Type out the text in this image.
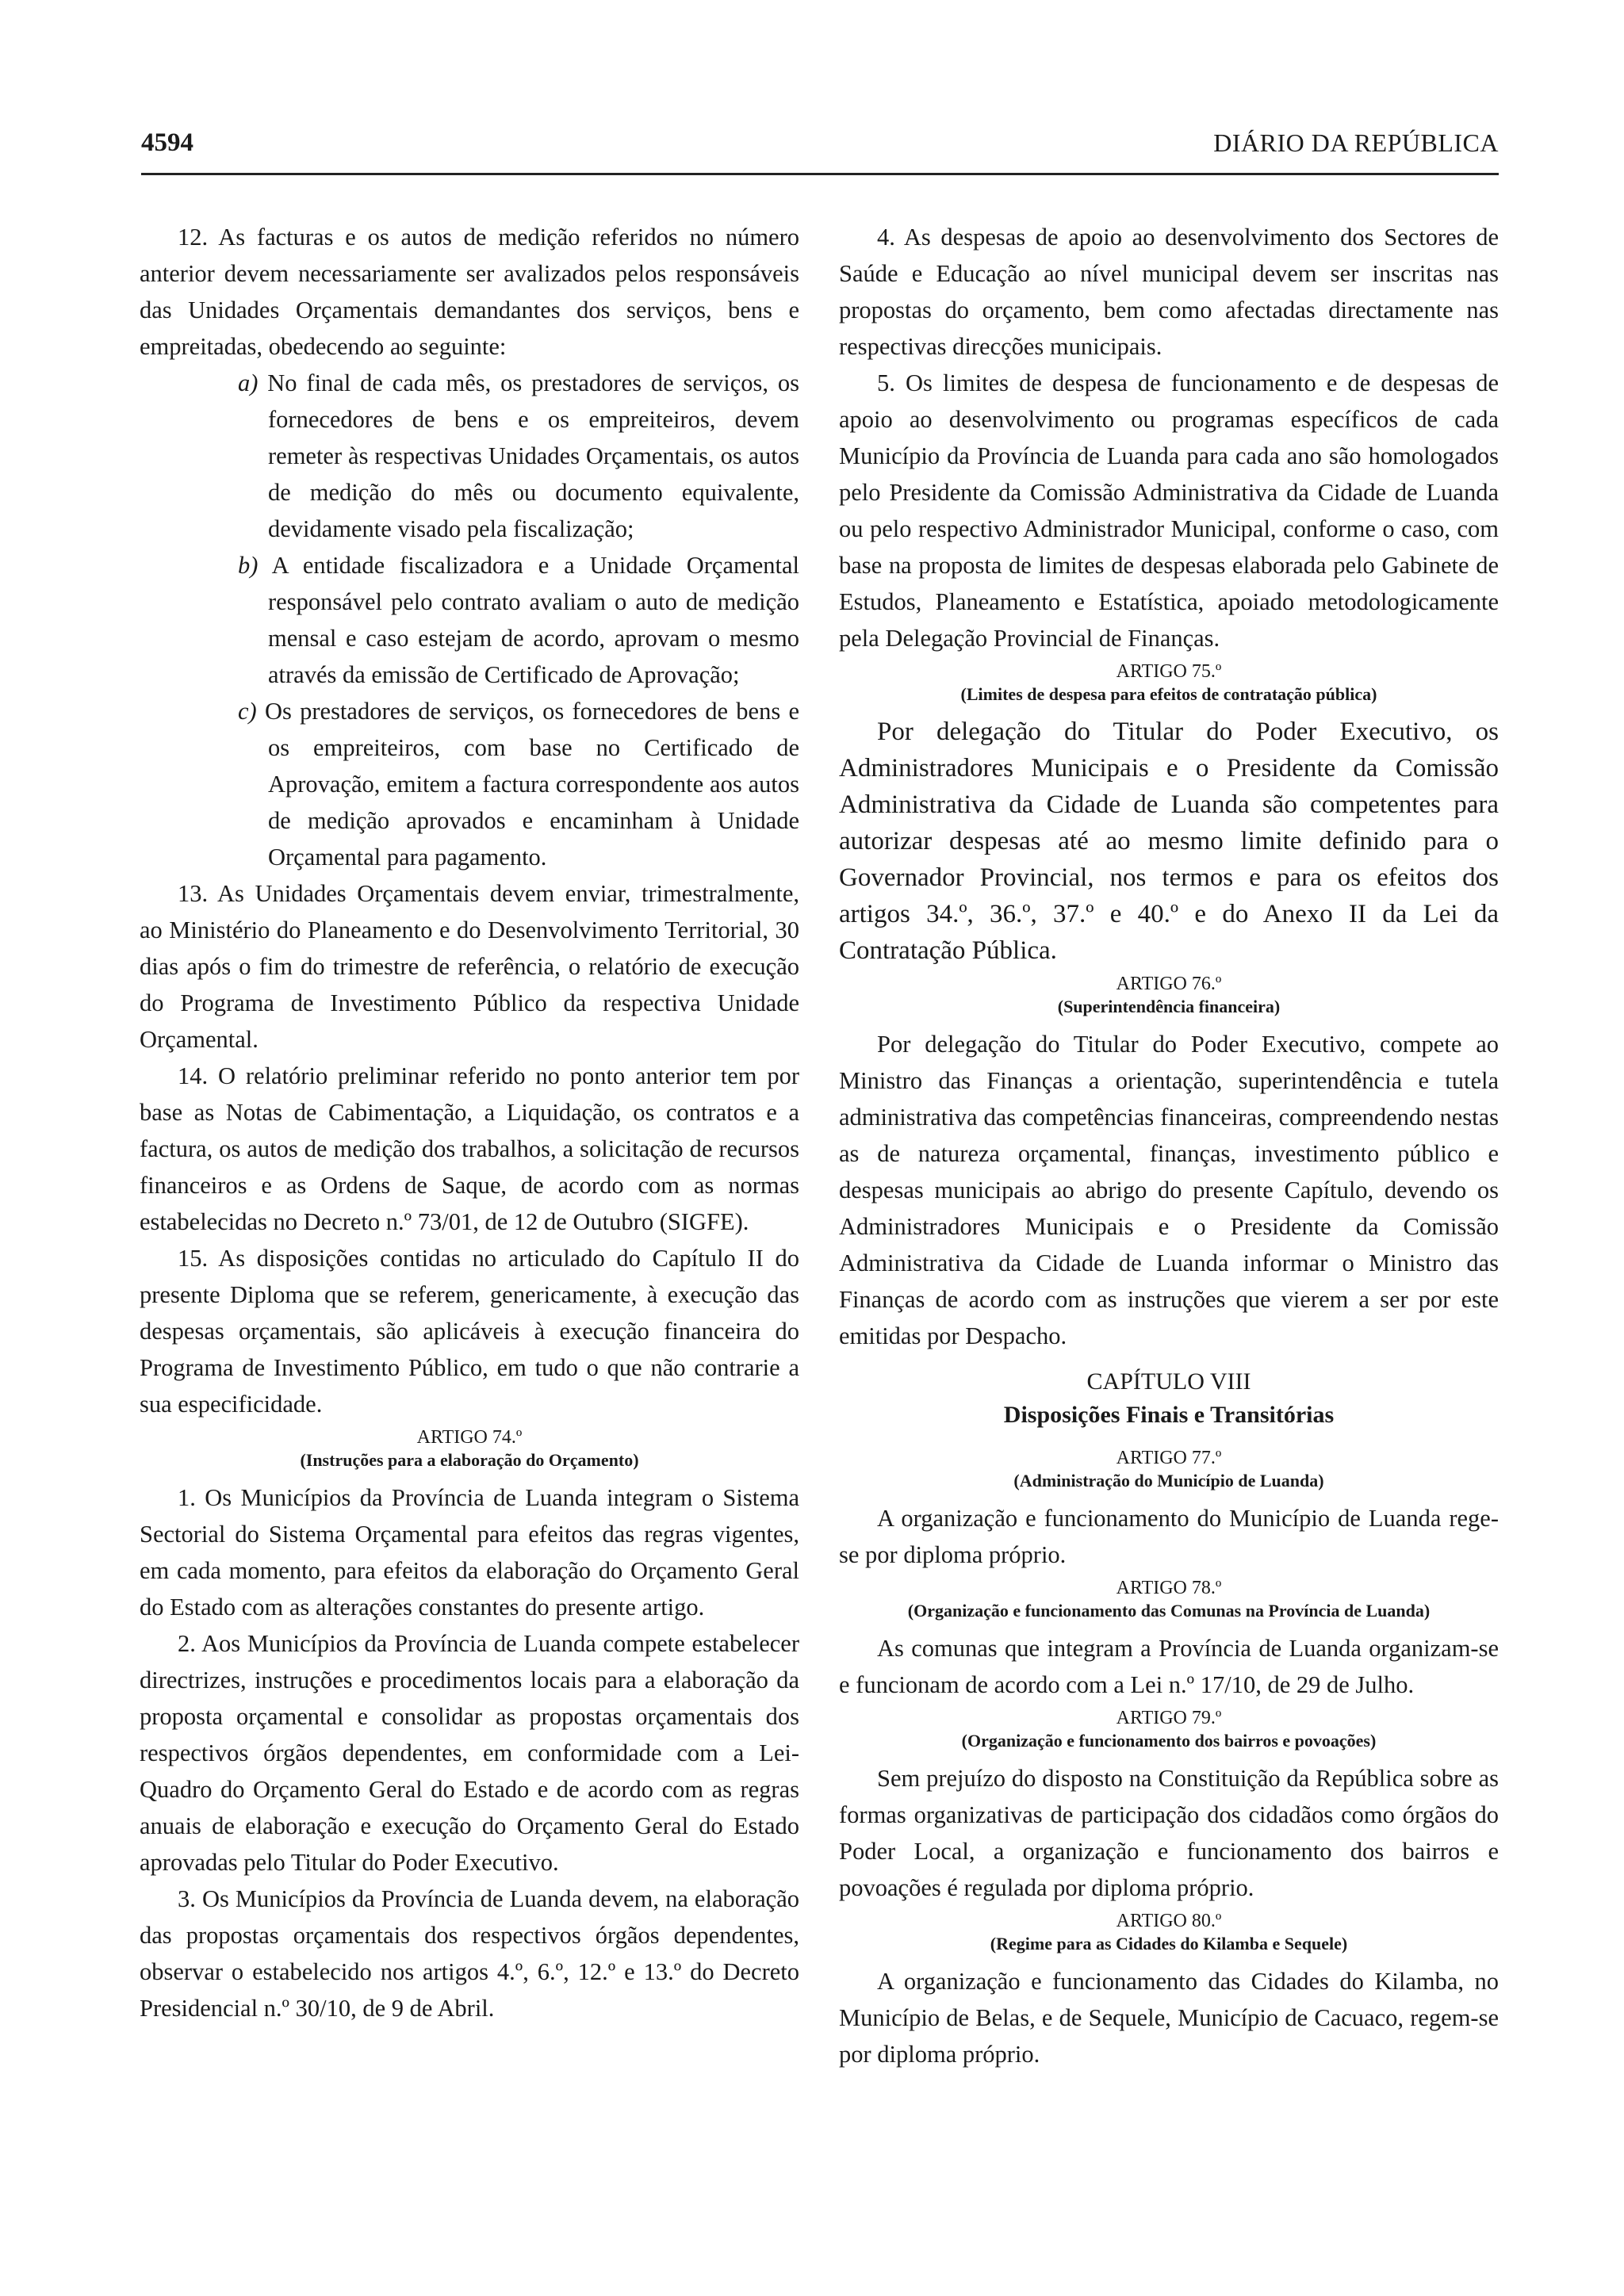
4594	DIÁRIO DA REPÚBLICA

12. As facturas e os autos de medição referidos no número anterior devem necessariamente ser avalizados pelos responsáveis das Unidades Orçamentais demandantes dos serviços, bens e empreitadas, obedecendo ao seguinte:

a) No final de cada mês, os prestadores de serviços, os fornecedores de bens e os empreiteiros, devem remeter às respectivas Unidades Orçamentais, os autos de medição do mês ou documento equivalente, devidamente visado pela fiscalização;

b) A entidade fiscalizadora e a Unidade Orçamental responsável pelo contrato avaliam o auto de medição mensal e caso estejam de acordo, aprovam o mesmo através da emissão de Certificado de Aprovação;

c) Os prestadores de serviços, os fornecedores de bens e os empreiteiros, com base no Certificado de Aprovação, emitem a factura correspondente aos autos de medição aprovados e encaminham à Unidade Orçamental para pagamento.

13. As Unidades Orçamentais devem enviar, trimestralmente, ao Ministério do Planeamento e do Desenvolvimento Territorial, 30 dias após o fim do trimestre de referência, o relatório de execução do Programa de Investimento Público da respectiva Unidade Orçamental.

14. O relatório preliminar referido no ponto anterior tem por base as Notas de Cabimentação, a Liquidação, os contratos e a factura, os autos de medição dos trabalhos, a solicitação de recursos financeiros e as Ordens de Saque, de acordo com as normas estabelecidas no Decreto n.º 73/01, de 12 de Outubro (SIGFE).

15. As disposições contidas no articulado do Capítulo II do presente Diploma que se referem, genericamente, à execução das despesas orçamentais, são aplicáveis à execução financeira do Programa de Investimento Público, em tudo o que não contrarie a sua especificidade.

ARTIGO 74.º
(Instruções para a elaboração do Orçamento)

1. Os Municípios da Província de Luanda integram o Sistema Sectorial do Sistema Orçamental para efeitos das regras vigentes, em cada momento, para efeitos da elaboração do Orçamento Geral do Estado com as alterações constantes do presente artigo.

2. Aos Municípios da Província de Luanda compete estabelecer directrizes, instruções e procedimentos locais para a elaboração da proposta orçamental e consolidar as propostas orçamentais dos respectivos órgãos dependentes, em conformidade com a Lei-Quadro do Orçamento Geral do Estado e de acordo com as regras anuais de elaboração e execução do Orçamento Geral do Estado aprovadas pelo Titular do Poder Executivo.

3. Os Municípios da Província de Luanda devem, na elaboração das propostas orçamentais dos respectivos órgãos dependentes, observar o estabelecido nos artigos 4.º, 6.º, 12.º e 13.º do Decreto Presidencial n.º 30/10, de 9 de Abril.

4. As despesas de apoio ao desenvolvimento dos Sectores de Saúde e Educação ao nível municipal devem ser inscritas nas propostas do orçamento, bem como afectadas directamente nas respectivas direcções municipais.

5. Os limites de despesa de funcionamento e de despesas de apoio ao desenvolvimento ou programas específicos de cada Município da Província de Luanda para cada ano são homologados pelo Presidente da Comissão Administrativa da Cidade de Luanda ou pelo respectivo Administrador Municipal, conforme o caso, com base na proposta de limites de despesas elaborada pelo Gabinete de Estudos, Planeamento e Estatística, apoiado metodologicamente pela Delegação Provincial de Finanças.

ARTIGO 75.º
(Limites de despesa para efeitos de contratação pública)

Por delegação do Titular do Poder Executivo, os Administradores Municipais e o Presidente da Comissão Administrativa da Cidade de Luanda são competentes para autorizar despesas até ao mesmo limite definido para o Governador Provincial, nos termos e para os efeitos dos artigos 34.º, 36.º, 37.º e 40.º e do Anexo II da Lei da Contratação Pública.

ARTIGO 76.º
(Superintendência financeira)

Por delegação do Titular do Poder Executivo, compete ao Ministro das Finanças a orientação, superintendência e tutela administrativa das competências financeiras, compreendendo nestas as de natureza orçamental, finanças, investimento público e despesas municipais ao abrigo do presente Capítulo, devendo os Administradores Municipais e o Presidente da Comissão Administrativa da Cidade de Luanda informar o Ministro das Finanças de acordo com as instruções que vierem a ser por este emitidas por Despacho.

CAPÍTULO VIII
Disposições Finais e Transitórias
ARTIGO 77.º
(Administração do Município de Luanda)

A organização e funcionamento do Município de Luanda rege-se por diploma próprio.

ARTIGO 78.º
(Organização e funcionamento das Comunas na Província de Luanda)

As comunas que integram a Província de Luanda organizam-se e funcionam de acordo com a Lei n.º 17/10, de 29 de Julho.

ARTIGO 79.º
(Organização e funcionamento dos bairros e povoações)

Sem prejuízo do disposto na Constituição da República sobre as formas organizativas de participação dos cidadãos como órgãos do Poder Local, a organização e funcionamento dos bairros e povoações é regulada por diploma próprio.

ARTIGO 80.º
(Regime para as Cidades do Kilamba e Sequele)

A organização e funcionamento das Cidades do Kilamba, no Município de Belas, e de Sequele, Município de Cacuaco, regem-se por diploma próprio.
